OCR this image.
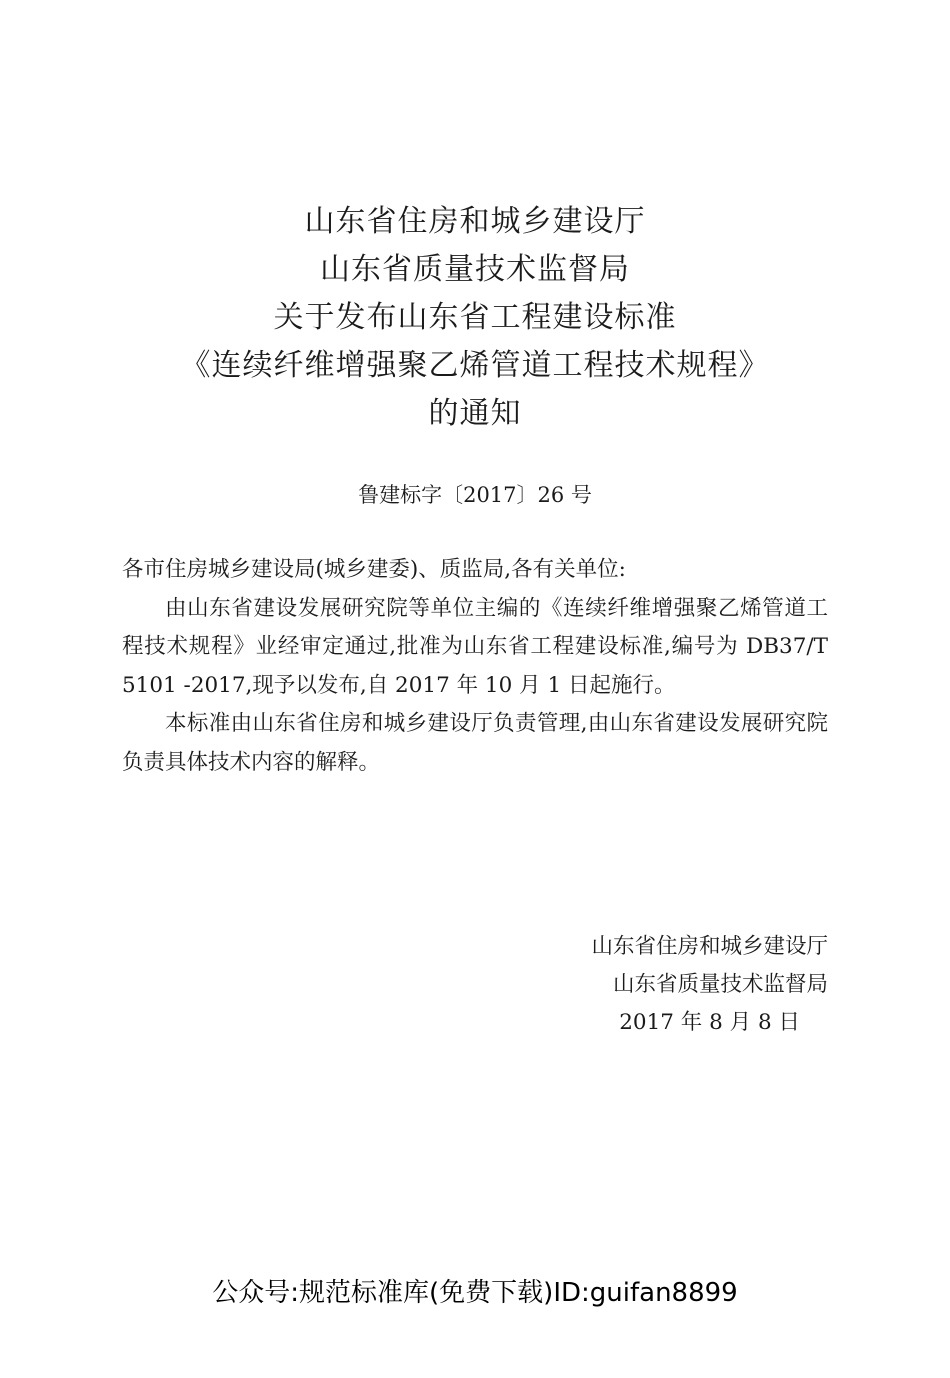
山东省住房和城乡建设厅
山东省质量技术监督局
关于发布山东省工程建设标准
《连续纤维增强聚乙烯管道工程技术规程》
的通知
鲁建标字〔2017〕26 号

各市住房城乡建设局(城乡建委)、质监局,各有关单位:

由山东省建设发展研究院等单位主编的《连续纤维增强聚乙烯管道工程技术规程》业经审定通过,批准为山东省工程建设标准,编号为 DB37/T 5101 -2017,现予以发布,自 2017 年 10 月 1 日起施行。

本标准由山东省住房和城乡建设厅负责管理,由山东省建设发展研究院负责具体技术内容的解释。

山东省住房和城乡建设厅
山东省质量技术监督局
2017 年 8 月 8 日
公众号:规范标准库(免费下载)ID:guifan8899
